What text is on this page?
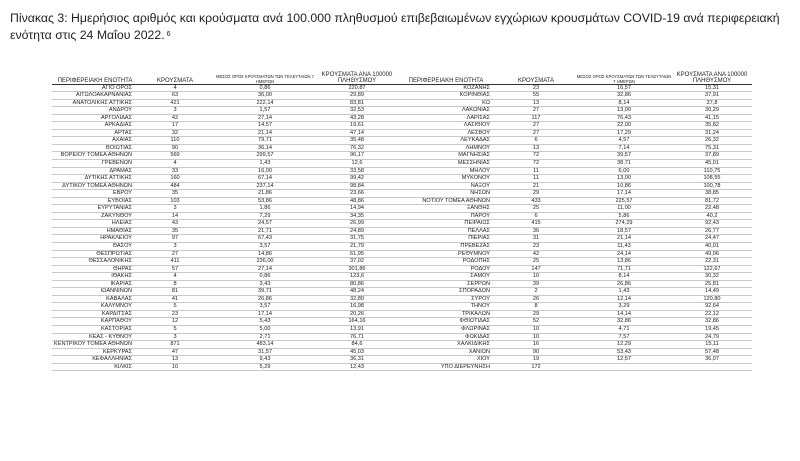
Πίνακας 3: Ημερήσιος αριθμός και κρούσματα ανά 100.000 πληθυσμού επιβεβαιωμένων εγχώριων κρουσμάτων COVID-19 ανά περιφερειακή ενότητα στις 24 Μαΐου 2022. $^6$
ΠΕΡΙΦΕΡΕΙΑΚΗ ΕΝΟΤΗΤΑ	ΚΡΟΥΣΜΑΤΑ	ΜΕΣΟΣ ΟΡΟΣ ΚΡΟΥΣΜΑΤΩΝ ΤΩΝ ΤΕΛΕΥΤΑΙΩΝ 7 ΗΜΕΡΩΝ	ΚΡΟΥΣΜΑΤΑ ΑΝΑ 100000 ΠΛΗΘΥΣΜΟΥ	ΠΕΡΙΦΕΡΕΙΑΚΗ ΕΝΟΤΗΤΑ	ΚΡΟΥΣΜΑΤΑ	ΜΕΣΟΣ ΟΡΟΣ ΚΡΟΥΣΜΑΤΩΝ ΤΩΝ ΤΕΛΕΥΤΑΙΩΝ 7 ΗΜΕΡΩΝ	ΚΡΟΥΣΜΑΤΑ ΑΝΑ 100000 ΠΛΗΘΥΣΜΟΥ
ΑΓΙΟ ΟΡΟΣ	4	0,86	220,87	ΚΟΖΑΝΗΣ	23	16,57	15,31
ΑΙΤΩΛΟΑΚΑΡΝΑΝΙΑΣ	63	36,00	29,89	ΚΟΡΙΝΘΙΑΣ	55	32,86	37,91
ΑΝΑΤΟΛΙΚΗΣ ΑΤΤΙΚΗΣ	421	222,14	83,81	ΚΩ	13	8,14	37,8
ΑΝΔΡΟΥ	3	1,57	32,53	ΛΑΚΩΝΙΑΣ	27	13,00	30,29
ΑΡΓΟΛΙΔΑΣ	42	27,14	43,28	ΛΑΡΙΣΑΣ	117	76,43	41,15
ΑΡΚΑΔΙΑΣ	17	14,57	19,61	ΛΑΣΙΘΙΟΥ	27	22,00	35,82
ΑΡΤΑΣ	32	21,14	47,14	ΛΕΣΒΟΥ	27	17,29	31,24
ΑΧΑΪΑΣ	110	79,71	35,48	ΛΕΥΚΑΔΑΣ	6	4,57	26,32
ΒΟΙΩΤΙΑΣ	90	36,14	76,32	ΛΗΜΝΟΥ	13	7,14	75,31
ΒΟΡΕΙΟΥ ΤΟΜΕΑ ΑΘΗΝΩΝ	569	299,57	96,17	ΜΑΓΝΗΣΙΑΣ	72	39,57	37,89
ΓΡΕΒΕΝΩΝ	4	1,43	12,6	ΜΕΣΣΗΝΙΑΣ	72	38,71	45,01
ΔΡΑΜΑΣ	33	16,00	33,58	ΜΗΛΟΥ	11	6,00	110,75
ΔΥΤΙΚΗΣ ΑΤΤΙΚΗΣ	160	67,14	99,42	ΜΥΚΟΝΟΥ	11	13,00	108,55
ΔΥΤΙΚΟΥ ΤΟΜΕΑ ΑΘΗΝΩΝ	484	237,14	98,84	ΝΑΞΟΥ	21	10,86	100,78
ΕΒΡΟΥ	35	21,86	23,66	ΝΗΣΩΝ	29	17,14	38,85
ΕΥΒΟΙΑΣ	103	53,86	48,86	ΝΟΤΙΟΥ ΤΟΜΕΑ ΑΘΗΝΩΝ	433	225,57	81,72
ΕΥΡΥΤΑΝΙΑΣ	3	1,86	14,94	ΞΑΝΘΗΣ	25	11,00	22,48
ΖΑΚΥΝΘΟΥ	14	7,29	34,35	ΠΑΡΟΥ	6	5,86	40,2
ΗΛΕΙΑΣ	43	24,57	26,99	ΠΕΙΡΑΙΩΣ	415	274,29	92,43
ΗΜΑΘΙΑΣ	35	21,71	24,89	ΠΕΛΛΑΣ	36	18,57	26,77
ΗΡΑΚΛΕΙΟΥ	97	67,43	31,75	ΠΙΕΡΙΑΣ	31	21,14	24,47
ΘΑΣΟΥ	3	3,57	21,79	ΠΡΕΒΕΖΑΣ	23	11,43	40,01
ΘΕΣΠΡΩΤΙΑΣ	27	14,86	61,95	ΡΕΘΥΜΝΟΥ	42	24,14	49,06
ΘΕΣΣΑΛΟΝΙΚΗΣ	411	236,00	37,02	ΡΟΔΟΠΗΣ	25	13,86	22,31
ΘΗΡΑΣ	57	27,14	301,86	ΡΟΔΟΥ	147	71,71	122,67
ΙΘΑΚΗΣ	4	0,86	123,6	ΣΑΜΟΥ	10	8,14	30,32
ΙΚΑΡΙΑΣ	8	3,43	80,86	ΣΕΡΡΩΝ	39	26,86	25,81
ΙΩΑΝΝΙΝΩΝ	81	39,71	48,24	ΣΠΟΡΑΔΩΝ	2	1,43	14,49
ΚΑΒΑΛΑΣ	41	26,86	32,80	ΣΥΡΟΥ	26	12,14	120,80
ΚΑΛΥΜΝΟΥ	5	3,57	16,98	ΤΗΝΟΥ	8	3,29	92,64
ΚΑΡΔΙΤΣΑΣ	23	17,14	20,26	ΤΡΙΚΑΛΩΝ	29	14,14	22,12
ΚΑΡΠΑΘΟΥ	12	5,43	164,16	ΦΘΙΩΤΙΔΑΣ	52	32,86	32,86
ΚΑΣΤΟΡΙΑΣ	5	5,00	13,91	ΦΛΩΡΙΝΑΣ	10	4,71	19,45
ΚΕΑΣ - ΚΥΘΝΟΥ	3	2,71	76,71	ΦΩΚΙΔΑΣ	10	7,57	24,79
ΚΕΝΤΡΙΚΟΥ ΤΟΜΕΑ ΑΘΗΝΩΝ	871	483,14	84,6	ΧΑΛΚΙΔΙΚΗΣ	16	12,29	15,11
ΚΕΡΚΥΡΑΣ	47	31,57	45,03	ΧΑΝΙΩΝ	90	53,43	57,48
ΚΕΦΑΛΛΗΝΙΑΣ	13	9,43	36,31	ΧΙΟΥ	19	12,57	36,07
ΚΙΛΚΙΣ	10	5,29	12,43	ΥΠΟ ΔΙΕΡΕΥΝΗΣΗ	172		
